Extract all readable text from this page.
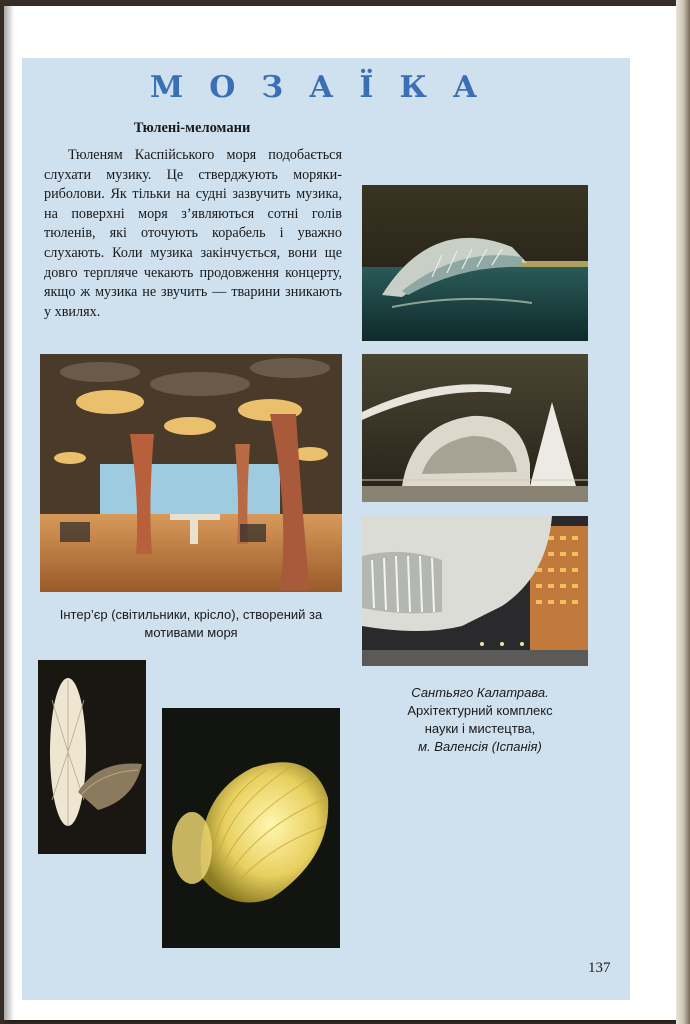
МОЗАЇКА
Тюлені-меломани

Тюленям Каспійського моря подобається слухати музику. Це стверджують моряки-риболови. Як тільки на судні зазвучить музика, на поверхні моря з’являються сотні голів тюленів, які оточують корабель і уважно слухають. Коли музика закінчується, вони ще довго терпляче чекають продовження концерту, якщо ж музика не звучить — тварини зникають у хвилях.

Інтер’єр (світильники, крісло), створений за мотивами моря
Сантьяго Калатрава.
Архітектурний комплекс
науки і мистецтва,
м. Валенсія (Іспанія)
137
